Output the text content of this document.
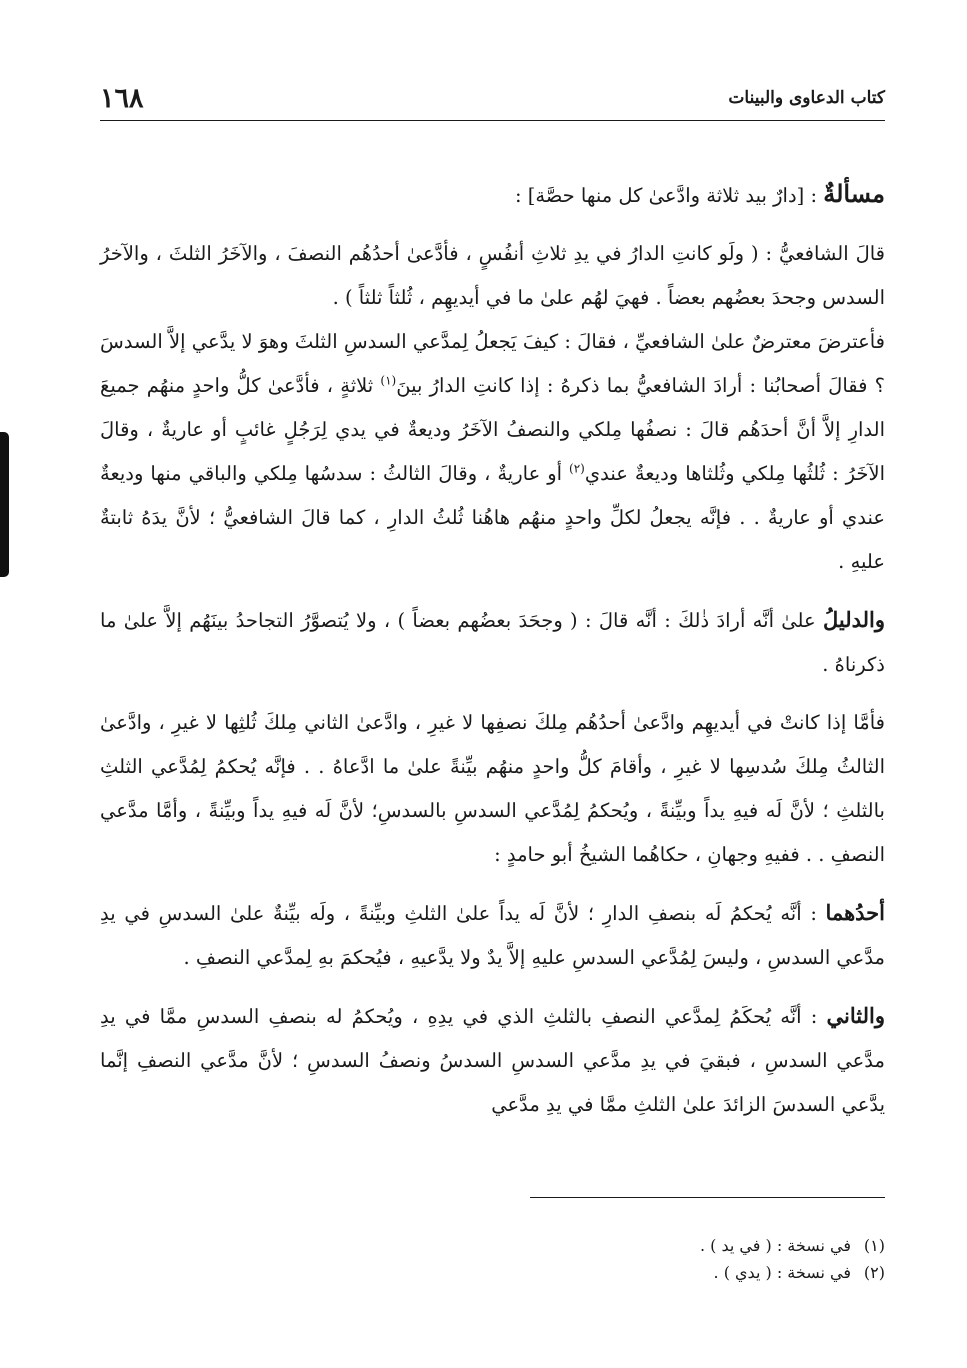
١٦٨	كتاب الدعاوى والبينات

مسألةٌ : [دارٌ بيد ثلاثة وادَّعىٰ كل منها حصَّة] :

قالَ الشافعيُّ : ( ولَو كانتِ الدارُ في يدِ ثلاثِ أنفُسٍ ، فأدَّعىٰ أحدُهُم النصفَ ، والآخَرُ الثلثَ ، والآخرُ السدس وجحدَ بعضُهم بعضاً . فهيَ لهُم علىٰ ما في أيديهِم ، ثُلثاً ثلثاً ) .

فأعترضَ معترضٌ علىٰ الشافعيِّ ، فقالَ : كيفَ يَجعلُ لِمدَّعي السدسِ الثلثَ وهوَ لا يدَّعي إلاَّ السدسَ ؟ فقالَ أصحابُنا : أرادَ الشافعيُّ بما ذكرهُ : إذا كانتِ الدارُ بينَ$^{(١)}$ ثلاثةٍ ، فأدَّعىٰ كلُّ واحدٍ منهُم جميعَ الدارِ إلاَّ أنَّ أحدَهُم قالَ : نصفُها مِلكي والنصفُ الآخَرُ وديعةٌ في يدي لِرَجُلٍ غائبٍ أو عاريةٌ ، وقالَ الآخَرُ : ثُلثُها مِلكي وثُلثاها وديعةٌ عندي$^{(٢)}$ أو عاريةٌ ، وقالَ الثالثُ : سدسُها مِلكي والباقي منها وديعةٌ عندي أو عاريةٌ . . فإنَّه يجعلُ لكلِّ واحدٍ منهُم هاهُنا ثُلثُ الدارِ ، كما قالَ الشافعيُّ ؛ لأنَّ يدَهُ ثابتةٌ عليهِ .

والدليلُ علىٰ أنَّه أرادَ ذٰلكَ : أنَّه قالَ : ( وجحَدَ بعضُهم بعضاً ) ، ولا يُتصوَّرُ التجاحدُ بينَهُم إلاَّ علىٰ ما ذكرناهُ .

فأمَّا إذا كانتْ في أيديهِم وادَّعىٰ أحدُهُم مِلكَ نصفِها لا غيرِ ، وادَّعىٰ الثاني مِلكَ ثُلثِها لا غيرِ ، وادَّعىٰ الثالثُ مِلكَ سُدسِها لا غيرِ ، وأقامَ كلُّ واحدٍ منهُم بيِّنةً علىٰ ما ادَّعاهُ . . فإنَّه يُحكمُ لِمُدَّعي الثلثِ بالثلثِ ؛ لأنَّ لَه فيهِ يداً وبيِّنةً ، ويُحكمُ لِمُدَّعي السدسِ بالسدسِ؛ لأنَّ لَه فيهِ يداً وبيِّنةً ، وأمَّا مدَّعي النصفِ . . ففيهِ وجهانِ ، حكاهُما الشيخُ أبو حامدٍ :

أحدُهما : أنَّه يُحكمُ لَه بنصفِ الدارِ ؛ لأنَّ لَه يداً علىٰ الثلثِ وبيِّنةً ، ولَه بيِّنةٌ علىٰ السدسِ في يدِ مدَّعي السدسِ ، وليسَ لِمُدَّعي السدسِ عليهِ إلاَّ يدٌ ولا يدَّعيهِ ، فيُحكمَ بهِ لِمدَّعي النصفِ .

والثاني : أنَّه يُحكَمُ لِمدَّعي النصفِ بالثلثِ الذي في يدِهِ ، ويُحكمُ له بنصفِ السدسِ ممَّا في يدِ مدَّعي السدسِ ، فبقيَ في يدِ مدَّعي السدسِ السدسُ ونصفُ السدسِ ؛ لأنَّ مدَّعي النصفِ إنَّما يدَّعي السدسَ الزائدَ علىٰ الثلثِ ممَّا في يدِ مدَّعي

(١)في نسخة : ( في يد ) .
(٢)في نسخة : ( يدي ) .
